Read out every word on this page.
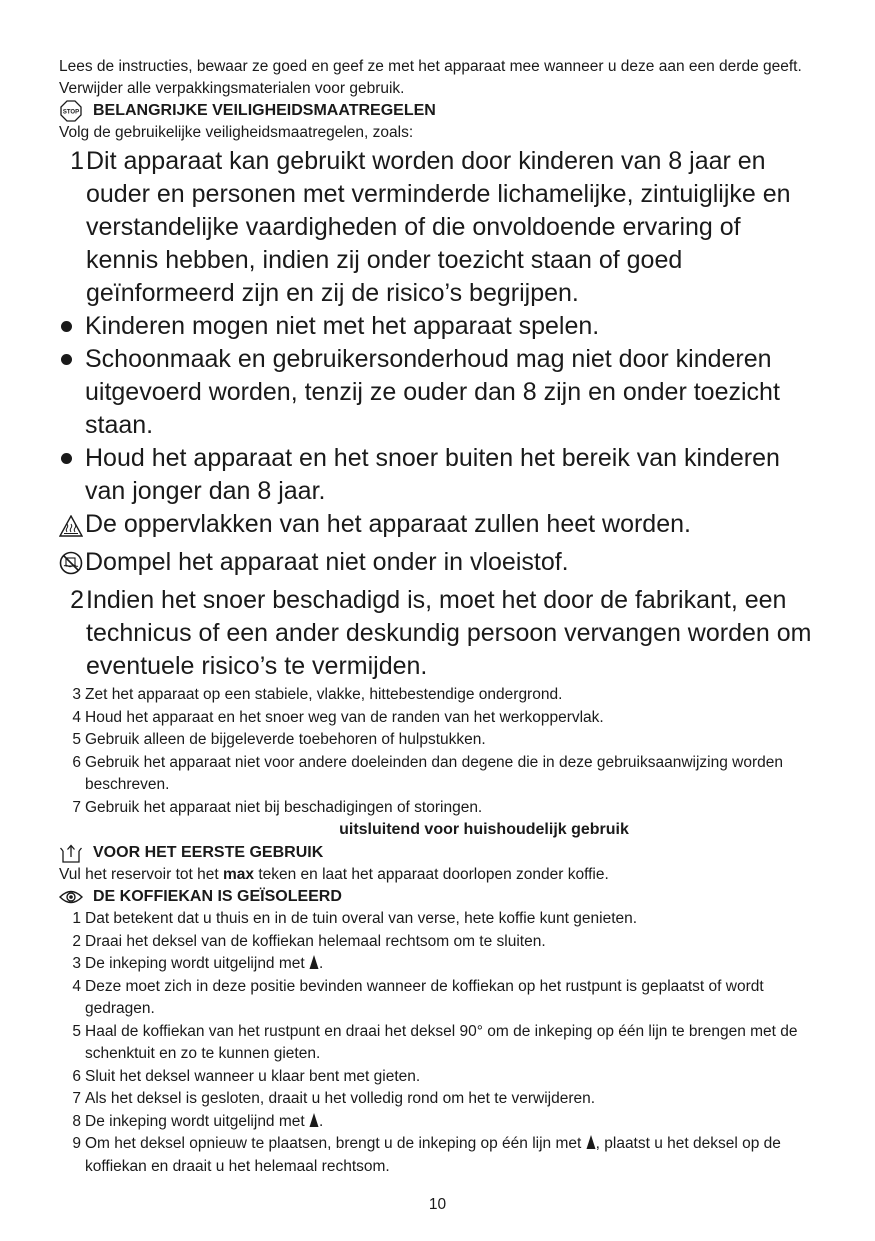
Lees de instructies, bewaar ze goed en geef ze met het apparaat mee wanneer u deze aan een derde geeft. Verwijder alle verpakkingsmaterialen voor gebruik.

STOP BELANGRIJKE VEILIGHEIDSMAATREGELEN
Volg de gebruikelijke veiligheidsmaatregelen, zoals:
1 Dit apparaat kan gebruikt worden door kinderen van 8 jaar en ouder en personen met verminderde lichamelijke, zintuiglijke en verstandelijke vaardigheden of die onvoldoende ervaring of kennis hebben, indien zij onder toezicht staan of goed geïnformeerd zijn en zij de risico’s begrijpen.
Kinderen mogen niet met het apparaat spelen.
Schoonmaak en gebruikersonderhoud mag niet door kinderen uitgevoerd worden, tenzij ze ouder dan 8 zijn en onder toezicht staan.
Houd het apparaat en het snoer buiten het bereik van kinderen van jonger dan 8 jaar.
De oppervlakken van het apparaat zullen heet worden.
Dompel het apparaat niet onder in vloeistof.
2 Indien het snoer beschadigd is, moet het door de fabrikant, een technicus of een ander deskundig persoon vervangen worden om eventuele risico’s te vermijden.
3 Zet het apparaat op een stabiele, vlakke, hittebestendige ondergrond.
4 Houd het apparaat en het snoer weg van de randen van het werkoppervlak.
5 Gebruik alleen de bijgeleverde toebehoren of hulpstukken.
6 Gebruik het apparaat niet voor andere doeleinden dan degene die in deze gebruiksaanwijzing worden beschreven.
7 Gebruik het apparaat niet bij beschadigingen of storingen.
uitsluitend voor huishoudelijk gebruik
VOOR HET EERSTE GEBRUIK
Vul het reservoir tot het max teken en laat het apparaat doorlopen zonder koffie.
DE KOFFIEKAN IS GEÏSOLEERD
1 Dat betekent dat u thuis en in de tuin overal van verse, hete koffie kunt genieten.
2 Draai het deksel van de koffiekan helemaal rechtsom om te sluiten.
3 De inkeping wordt uitgelijnd met .
4 Deze moet zich in deze positie bevinden wanneer de koffiekan op het rustpunt is geplaatst of wordt gedragen.
5 Haal de koffiekan van het rustpunt en draai het deksel 90° om de inkeping op één lijn te brengen met de schenktuit en zo te kunnen gieten.
6 Sluit het deksel wanneer u klaar bent met gieten.
7 Als het deksel is gesloten, draait u het volledig rond om het te verwijderen.
8 De inkeping wordt uitgelijnd met .
9 Om het deksel opnieuw te plaatsen, brengt u de inkeping op één lijn met , plaatst u het deksel op de koffiekan en draait u het helemaal rechtsom.
10
